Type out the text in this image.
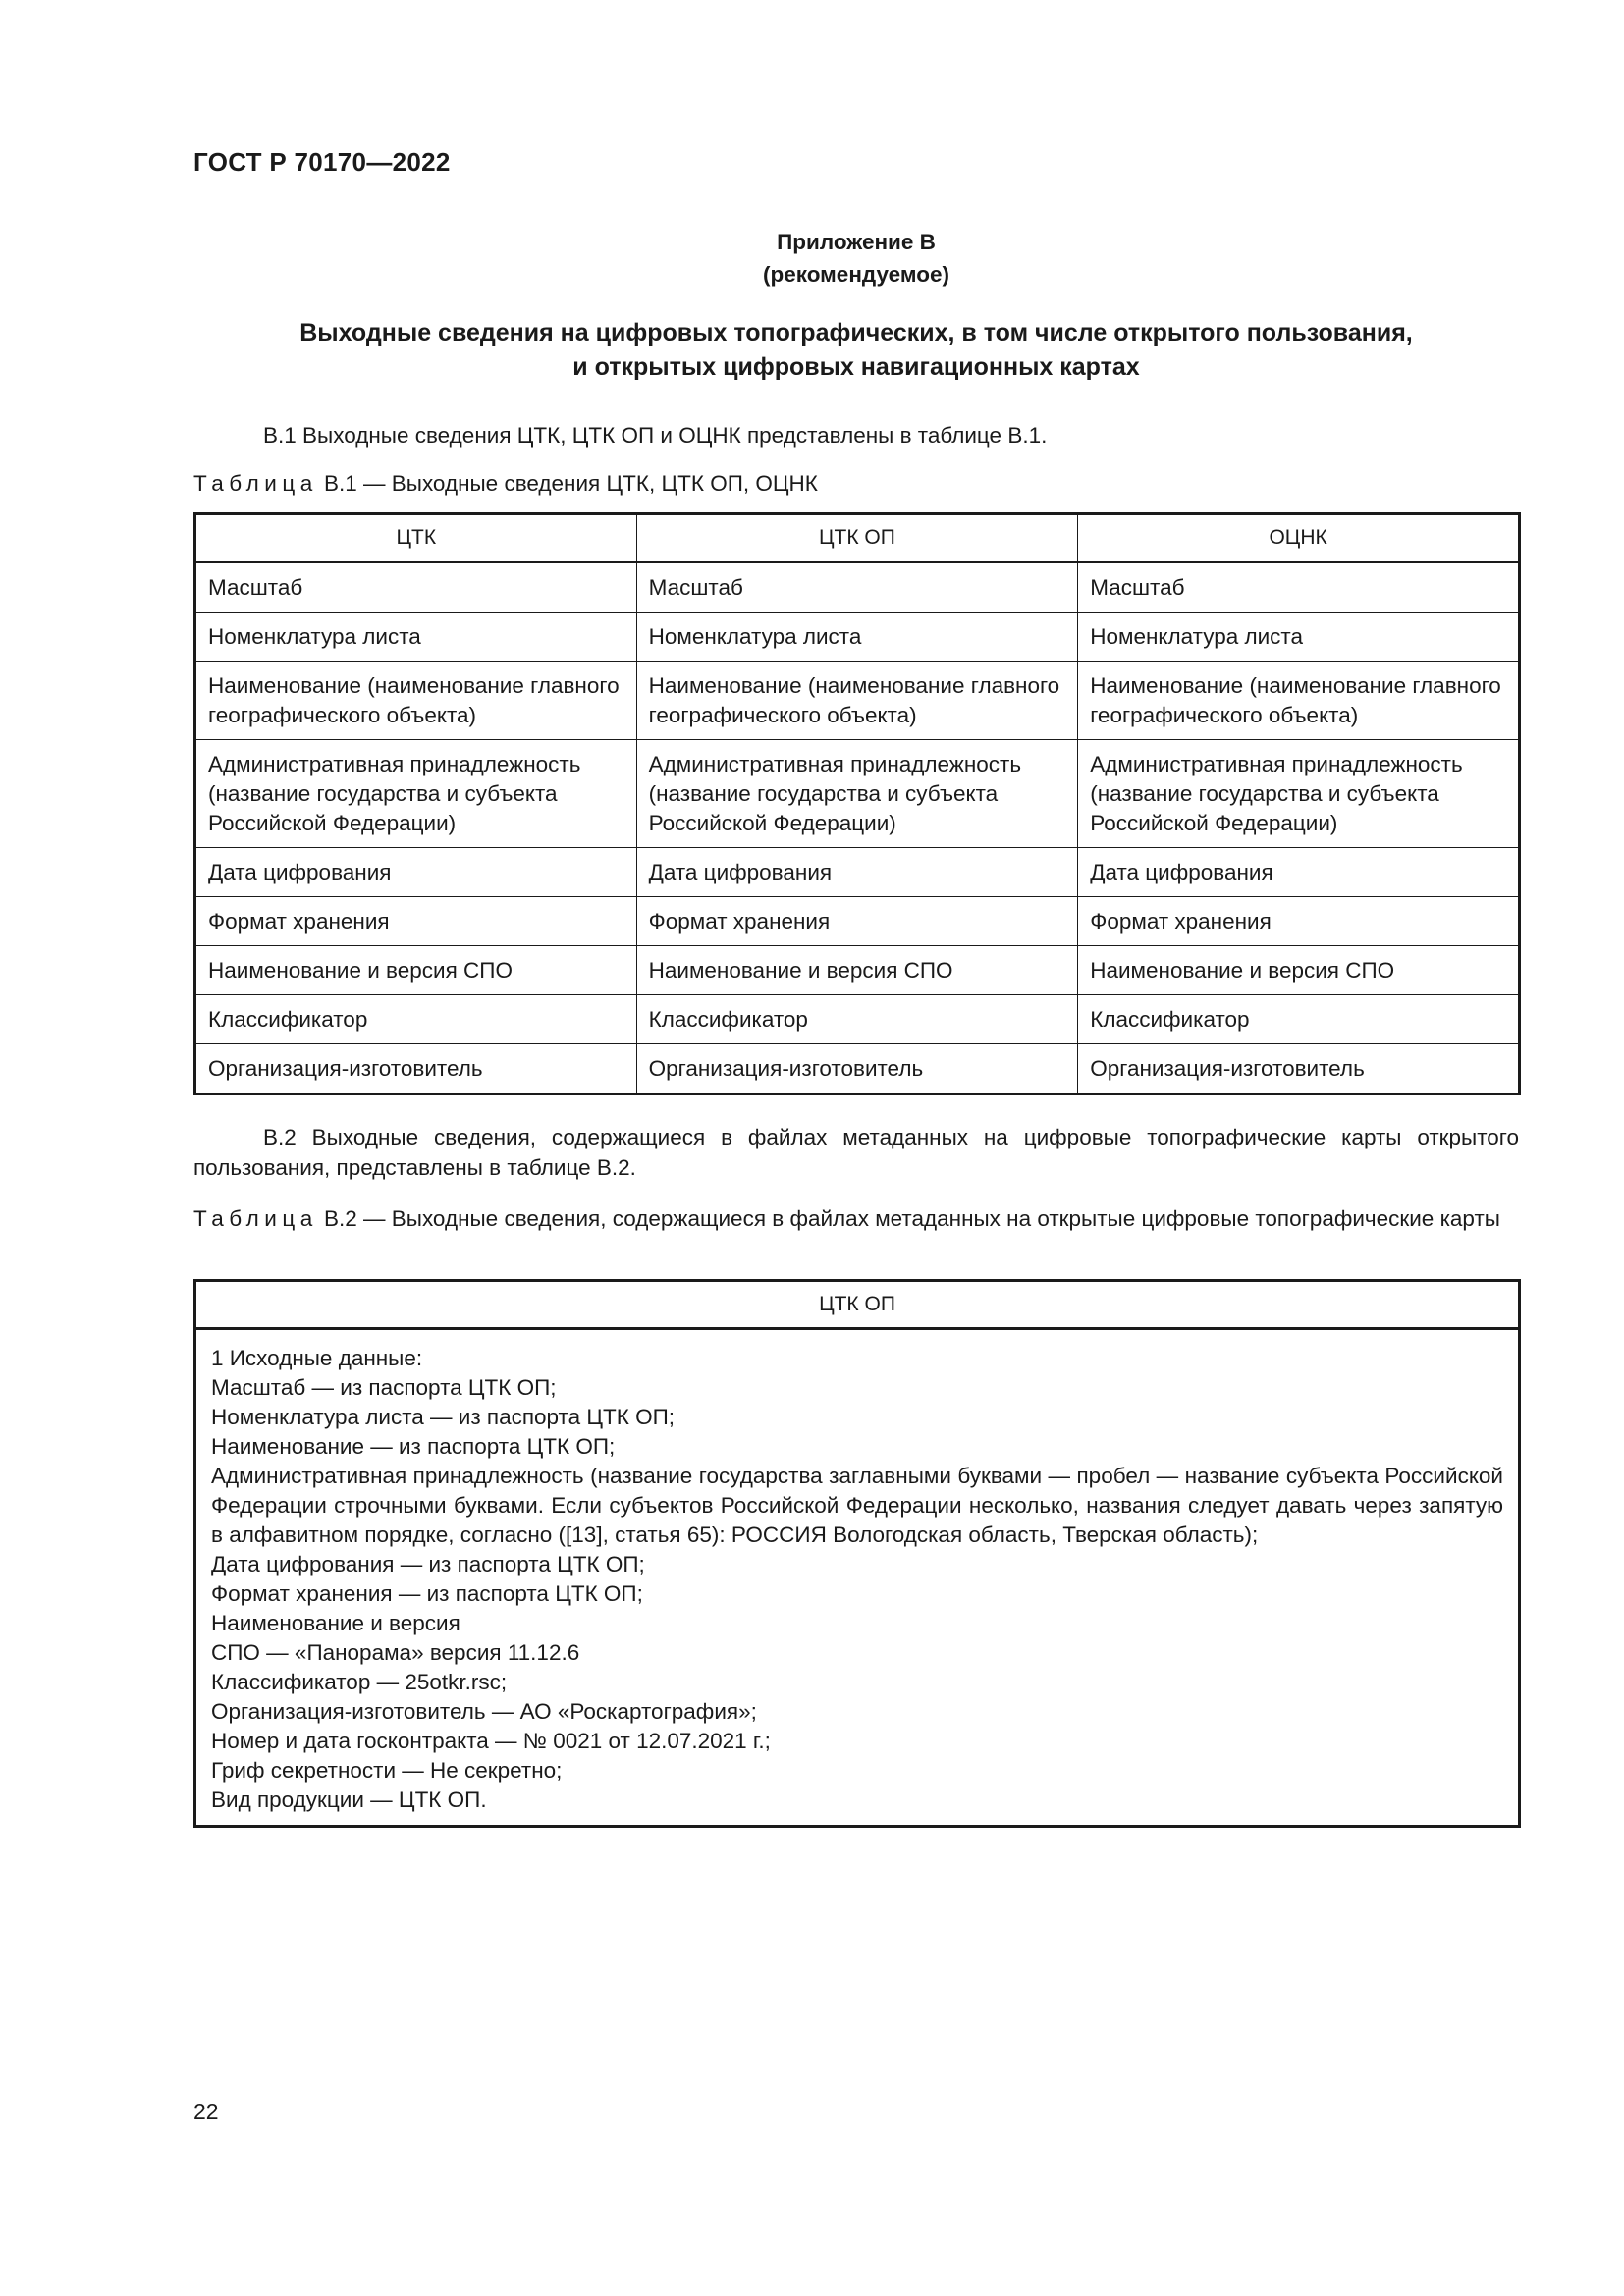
ГОСТ Р 70170—2022
Приложение В
(рекомендуемое)
Выходные сведения на цифровых топографических, в том числе открытого пользования,
и открытых цифровых навигационных картах

В.1 Выходные сведения ЦТК, ЦТК ОП и ОЦНК представлены в таблице В.1.

Таблица В.1 — Выходные сведения ЦТК, ЦТК ОП, ОЦНК

ЦТК	ЦТК ОП	ОЦНК
Масштаб	Масштаб	Масштаб
Номенклатура листа	Номенклатура листа	Номенклатура листа
Наименование (наименование главного географического объекта)	Наименование (наименование главного географического объекта)	Наименование (наименование главного географического объекта)
Административная принадлежность (название государства и субъекта Российской Федерации)	Административная принадлежность (название государства и субъекта Российской Федерации)	Административная принадлежность (название государства и субъекта Российской Федерации)
Дата цифрования	Дата цифрования	Дата цифрования
Формат хранения	Формат хранения	Формат хранения
Наименование и версия СПО	Наименование и версия СПО	Наименование и версия СПО
Классификатор	Классификатор	Классификатор
Организация-изготовитель	Организация-изготовитель	Организация-изготовитель

В.2 Выходные сведения, содержащиеся в файлах метаданных на цифровые топографические карты открытого пользования, представлены в таблице В.2.

Таблица В.2 — Выходные сведения, содержащиеся в файлах метаданных на открытые цифровые топографические карты

ЦТК ОП

1 Исходные данные:
Масштаб — из паспорта ЦТК ОП;
Номенклатура листа — из паспорта ЦТК ОП;
Наименование — из паспорта ЦТК ОП;
Административная принадлежность (название государства заглавными буквами — пробел — название субъекта Российской Федерации строчными буквами. Если субъектов Российской Федерации несколько, названия следует давать через запятую в алфавитном порядке, согласно ([13], статья 65): РОССИЯ Вологодская область, Тверская область);
Дата цифрования — из паспорта ЦТК ОП;
Формат хранения — из паспорта ЦТК ОП;
Наименование и версия
СПО — «Панорама» версия 11.12.6
Классификатор — 25otkr.rsc;
Организация-изготовитель — АО «Роскартография»;
Номер и дата госконтракта — № 0021 от 12.07.2021 г.;
Гриф секретности — Не секретно;
Вид продукции — ЦТК ОП.
22
